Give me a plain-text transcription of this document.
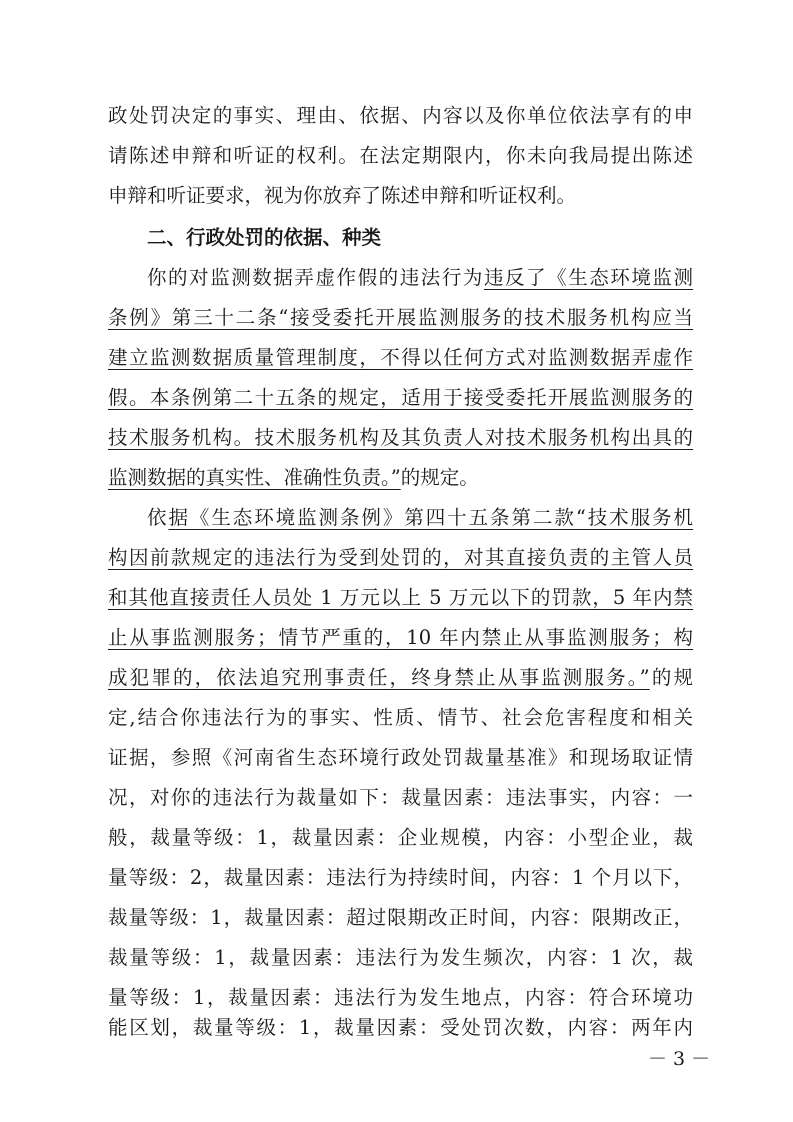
政处罚决定的事实、理由、依据、内容以及你单位依法享有的申
请陈述申辩和听证的权利。在法定期限内，你未向我局提出陈述
申辩和听证要求，视为你放弃了陈述申辩和听证权利。
二、行政处罚的依据、种类
你的对监测数据弄虚作假的违法行为违反了《生态环境监测
条例》第三十二条“接受委托开展监测服务的技术服务机构应当
建立监测数据质量管理制度，不得以任何方式对监测数据弄虚作
假。本条例第二十五条的规定，适用于接受委托开展监测服务的
技术服务机构。技术服务机构及其负责人对技术服务机构出具的
监测数据的真实性、准确性负责。”的规定。
依据《生态环境监测条例》第四十五条第二款“技术服务机
构因前款规定的违法行为受到处罚的，对其直接负责的主管人员
和其他直接责任人员处 1 万元以上 5 万元以下的罚款，5 年内禁
止从事监测服务；情节严重的，10 年内禁止从事监测服务；构
成犯罪的，依法追究刑事责任，终身禁止从事监测服务。”的规
定,结合你违法行为的事实、性质、情节、社会危害程度和相关
证据，参照《河南省生态环境行政处罚裁量基准》和现场取证情
况，对你的违法行为裁量如下：裁量因素：违法事实，内容：一
般，裁量等级：1，裁量因素：企业规模，内容：小型企业，裁
量等级：2，裁量因素：违法行为持续时间，内容：1 个月以下，
裁量等级：1，裁量因素：超过限期改正时间，内容：限期改正，
裁量等级：1，裁量因素：违法行为发生频次，内容：1 次，裁
量等级：1，裁量因素：违法行为发生地点，内容：符合环境功
能区划，裁量等级：1，裁量因素：受处罚次数，内容：两年内
－ 3 －
